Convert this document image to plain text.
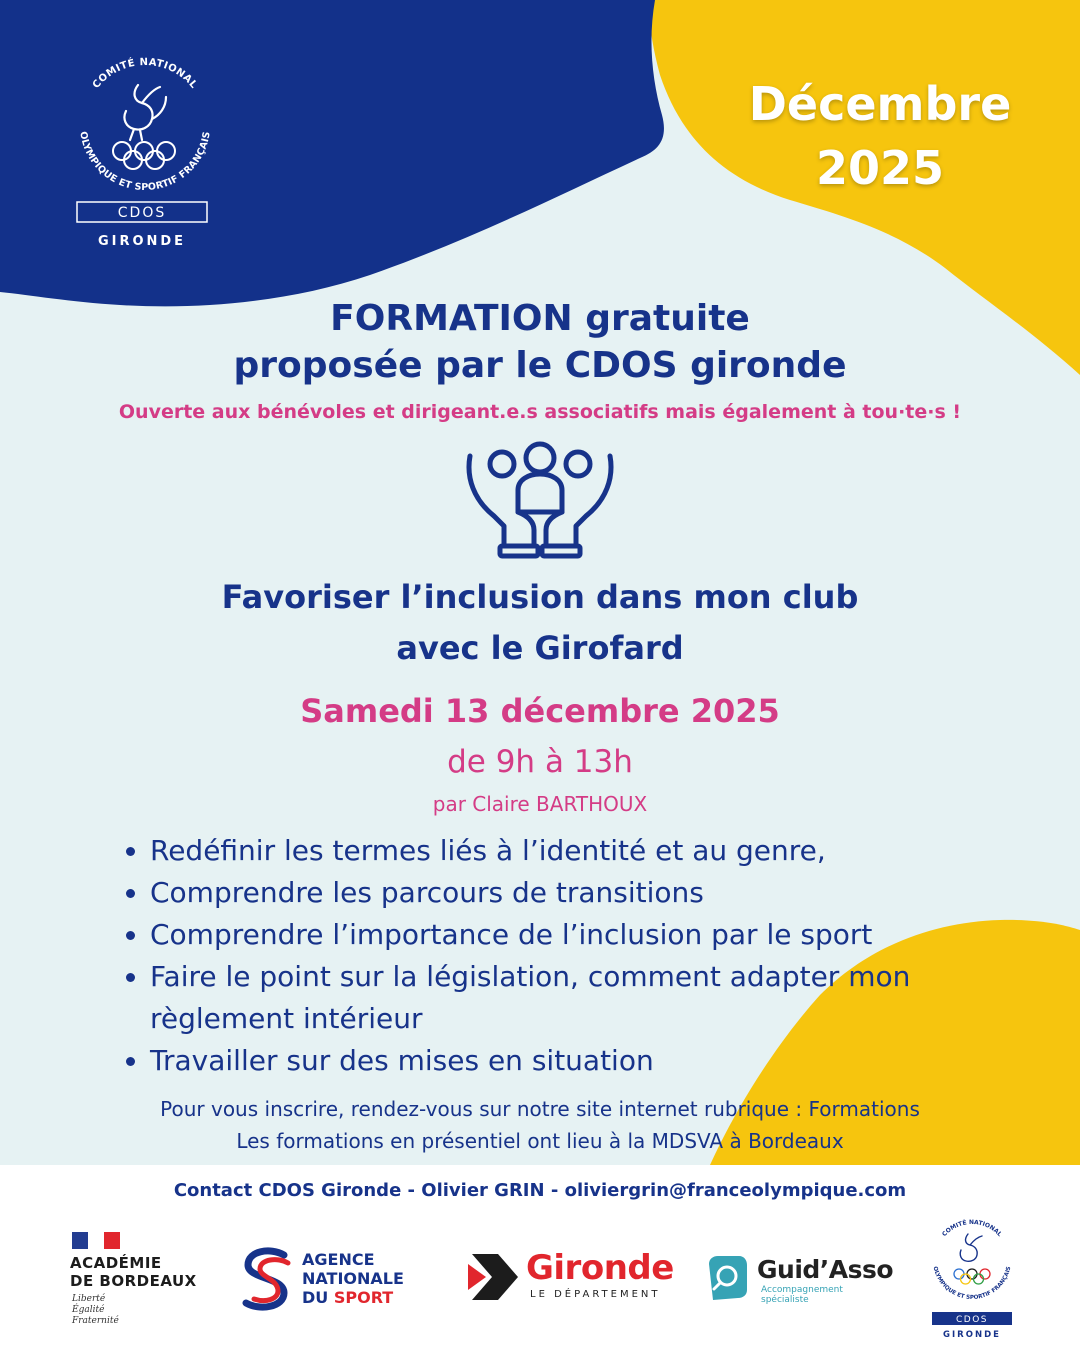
COMITÉ NATIONAL
OLYMPIQUE ET SPORTIF FRANÇAIS
CDOS
GIRONDE
Décembre
2025
FORMATION gratuite
proposée par le CDOS gironde
Ouverte aux bénévoles et dirigeant.e.s associatifs mais également à tou·te·s !
Favoriser l’inclusion dans mon club
avec le Girofard
Samedi 13 décembre 2025
de 9h à 13h
par Claire BARTHOUX
• Redéfinir les termes liés à l’identité et au genre,
• Comprendre les parcours de transitions
• Comprendre l’importance de l’inclusion par le sport
• Faire le point sur la législation, comment adapter mon règlement intérieur
• Travailler sur des mises en situation
Pour vous inscrire, rendez-vous sur notre site internet rubrique : Formations
Les formations en présentiel ont lieu à la MDSVA à Bordeaux
Contact CDOS Gironde - Olivier GRIN - oliviergrin@franceolympique.com
ACADÉMIE
DE BORDEAUX
Liberté
Égalité
Fraternité
AGENCE
NATIONALE
DU SPORT
Gironde
LE DÉPARTEMENT
Guid’Asso
Accompagnement spécialiste
COMITÉ NATIONAL
OLYMPIQUE ET SPORTIF FRANÇAIS
CDOS
GIRONDE
